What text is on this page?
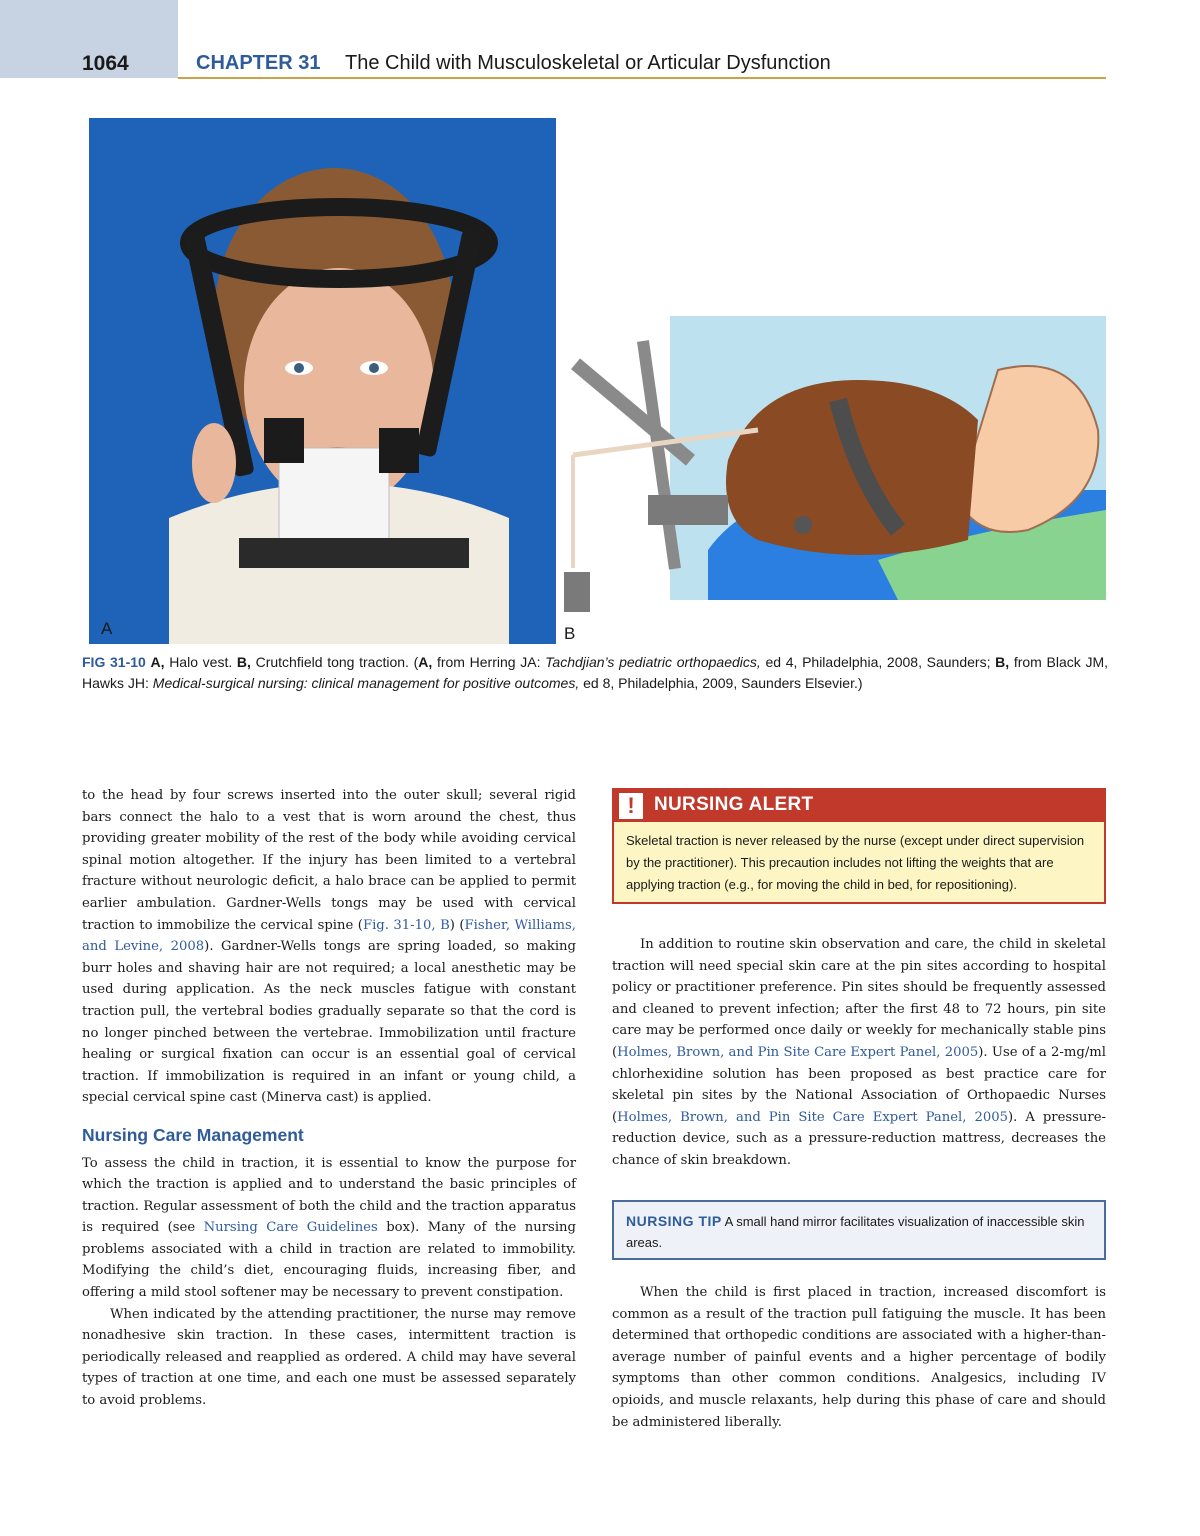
1064	CHAPTER 31 The Child with Musculoskeletal or Articular Dysfunction
A	B
FIG 31-10 A, Halo vest. B, Crutchfield tong traction. (A, from Herring JA: Tachdjian’s pediatric orthopaedics, ed 4, Philadelphia, 2008, Saunders; B, from Black JM, Hawks JH: Medical-surgical nursing: clinical management for positive outcomes, ed 8, Philadelphia, 2009, Saunders Elsevier.)

to the head by four screws inserted into the outer skull; several rigid bars connect the halo to a vest that is worn around the chest, thus providing greater mobility of the rest of the body while avoiding cervical spinal motion altogether. If the injury has been limited to a vertebral fracture without neurologic deficit, a halo brace can be applied to permit earlier ambulation. Gardner-Wells tongs may be used with cervical traction to immobilize the cervical spine (Fig. 31-10, B) (Fisher, Williams, and Levine, 2008). Gardner-Wells tongs are spring loaded, so making burr holes and shaving hair are not required; a local anesthetic may be used during application. As the neck muscles fatigue with constant traction pull, the vertebral bodies gradually separate so that the cord is no longer pinched between the vertebrae. Immobilization until fracture healing or surgical fixation can occur is an essential goal of cervical traction. If immobilization is required in an infant or young child, a special cervical spine cast (Minerva cast) is applied.

Nursing Care Management

To assess the child in traction, it is essential to know the purpose for which the traction is applied and to understand the basic principles of traction. Regular assessment of both the child and the traction apparatus is required (see Nursing Care Guidelines box). Many of the nursing problems associated with a child in traction are related to immobility. Modifying the child’s diet, encouraging fluids, increasing fiber, and offering a mild stool softener may be necessary to prevent constipation.

When indicated by the attending practitioner, the nurse may remove nonadhesive skin traction. In these cases, intermittent traction is periodically released and reapplied as ordered. A child may have several types of traction at one time, and each one must be assessed separately to avoid problems.

!	NURSING ALERT
Skeletal traction is never released by the nurse (except under direct supervision by the practitioner). This precaution includes not lifting the weights that are applying traction (e.g., for moving the child in bed, for repositioning).

In addition to routine skin observation and care, the child in skeletal traction will need special skin care at the pin sites according to hospital policy or practitioner preference. Pin sites should be frequently assessed and cleaned to prevent infection; after the first 48 to 72 hours, pin site care may be performed once daily or weekly for mechanically stable pins (Holmes, Brown, and Pin Site Care Expert Panel, 2005). Use of a 2-mg/ml chlorhexidine solution has been proposed as best practice care for skeletal pin sites by the National Association of Orthopaedic Nurses (Holmes, Brown, and Pin Site Care Expert Panel, 2005). A pressure-reduction device, such as a pressure-reduction mattress, decreases the chance of skin breakdown.

NURSING TIP A small hand mirror facilitates visualization of inaccessible skin areas.

When the child is first placed in traction, increased discomfort is common as a result of the traction pull fatiguing the muscle. It has been determined that orthopedic conditions are associated with a higher-than-average number of painful events and a higher percentage of bodily symptoms than other common conditions. Analgesics, including IV opioids, and muscle relaxants, help during this phase of care and should be administered liberally.
